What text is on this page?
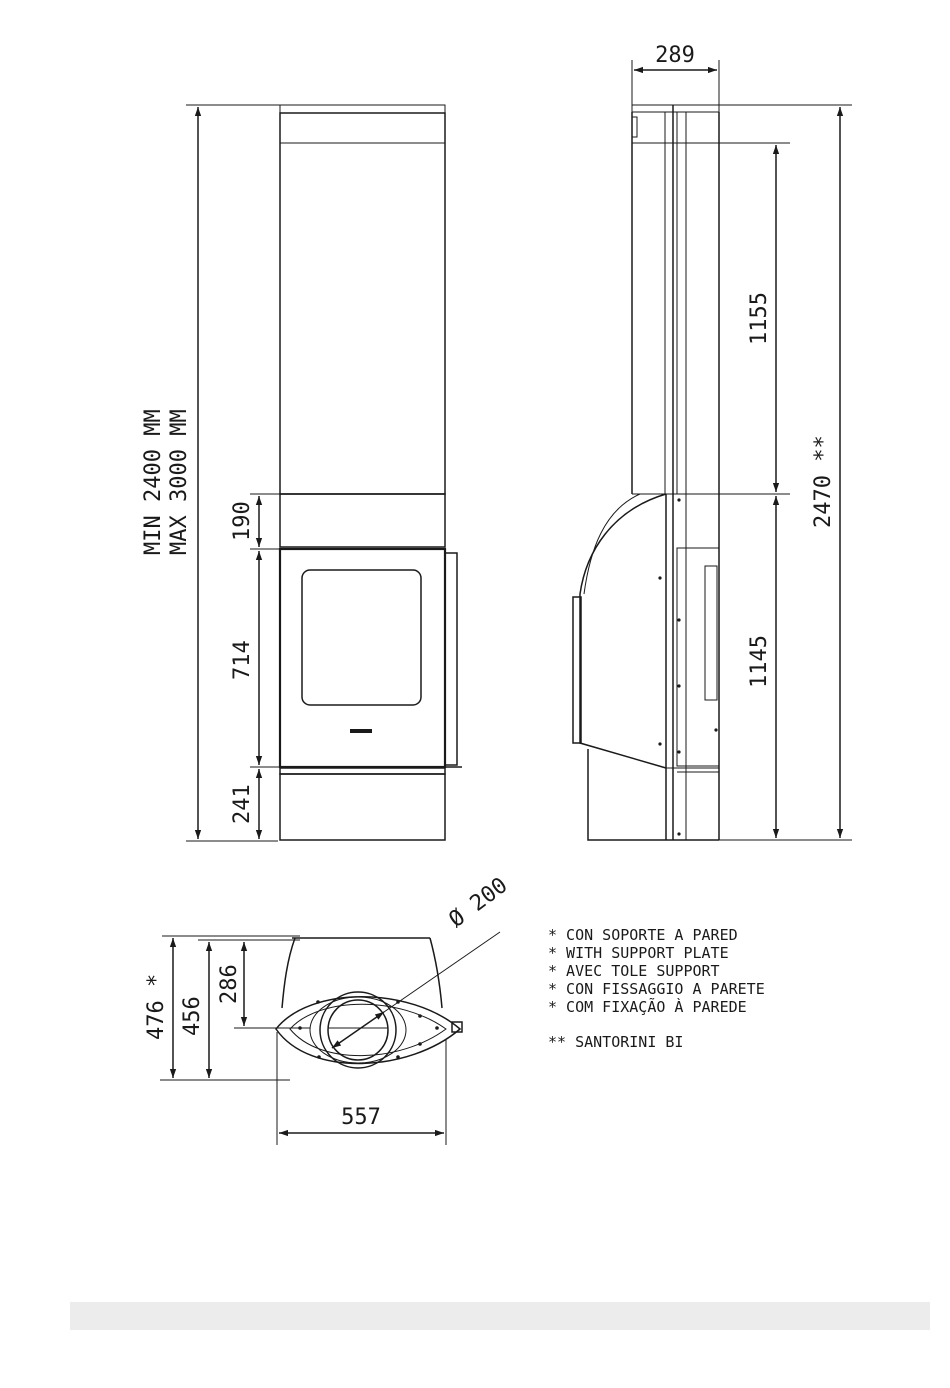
MIN 2400 MM MAX 3000 MM 190
714
241
289
1155
1145
2470 **
Ø 200
476 * 456
286
557
* CON SOPORTE A PARED
* WITH SUPPORT PLATE
* AVEC TOLE SUPPORT
* CON FISSAGGIO A PARETE
* COM FIXAÇÃO À PAREDE
** SANTORINI BI
